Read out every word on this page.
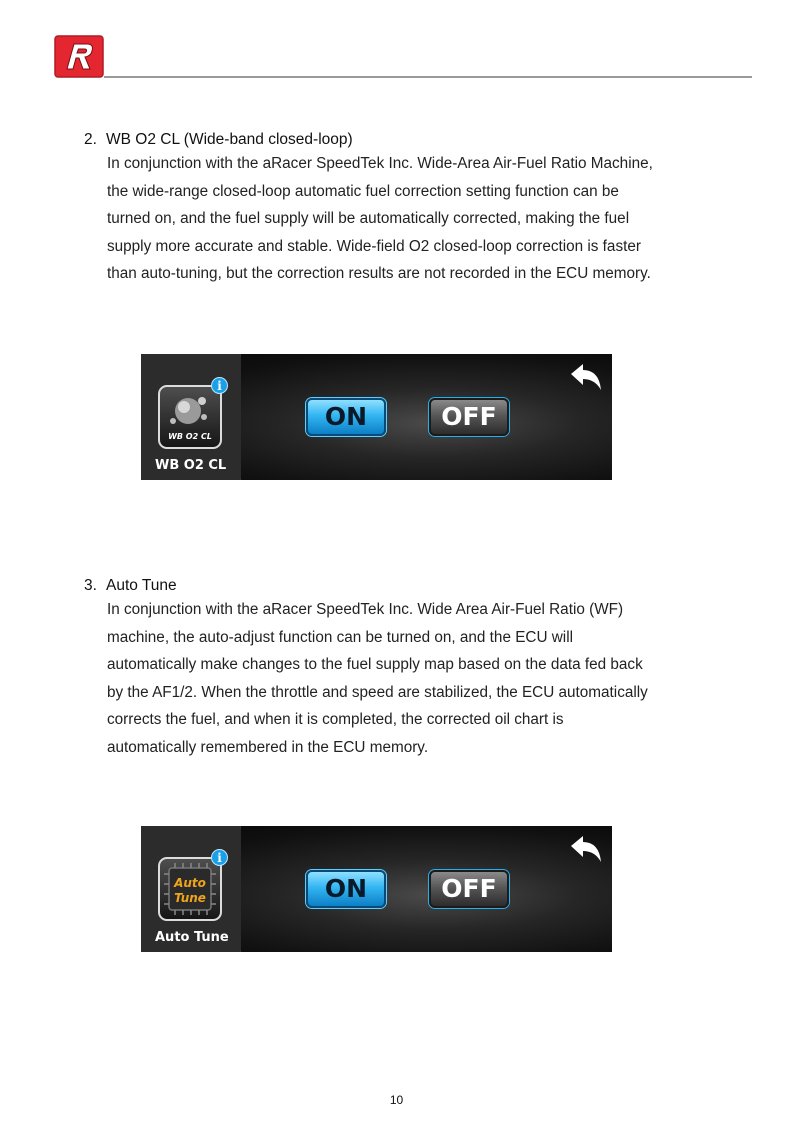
2. WB O2 CL (Wide-band closed-loop)

In conjunction with the aRacer SpeedTek Inc. Wide-Area Air-Fuel Ratio Machine,
the wide-range closed-loop automatic fuel correction setting function can be
turned on, and the fuel supply will be automatically corrected, making the fuel
supply more accurate and stable. Wide-field O2 closed-loop correction is faster
than auto-tuning, but the correction results are not recorded in the ECU memory.

WB O2 CL
i
WB O2 CL
ON	OFF
3. Auto Tune

In conjunction with the aRacer SpeedTek Inc. Wide Area Air-Fuel Ratio (WF)
machine, the auto-adjust function can be turned on, and the ECU will
automatically make changes to the fuel supply map based on the data fed back
by the AF1/2. When the throttle and speed are stabilized, the ECU automatically
corrects the fuel, and when it is completed, the corrected oil chart is
automatically remembered in the ECU memory.

Auto
Tune
i
Auto Tune
ON	OFF
10
